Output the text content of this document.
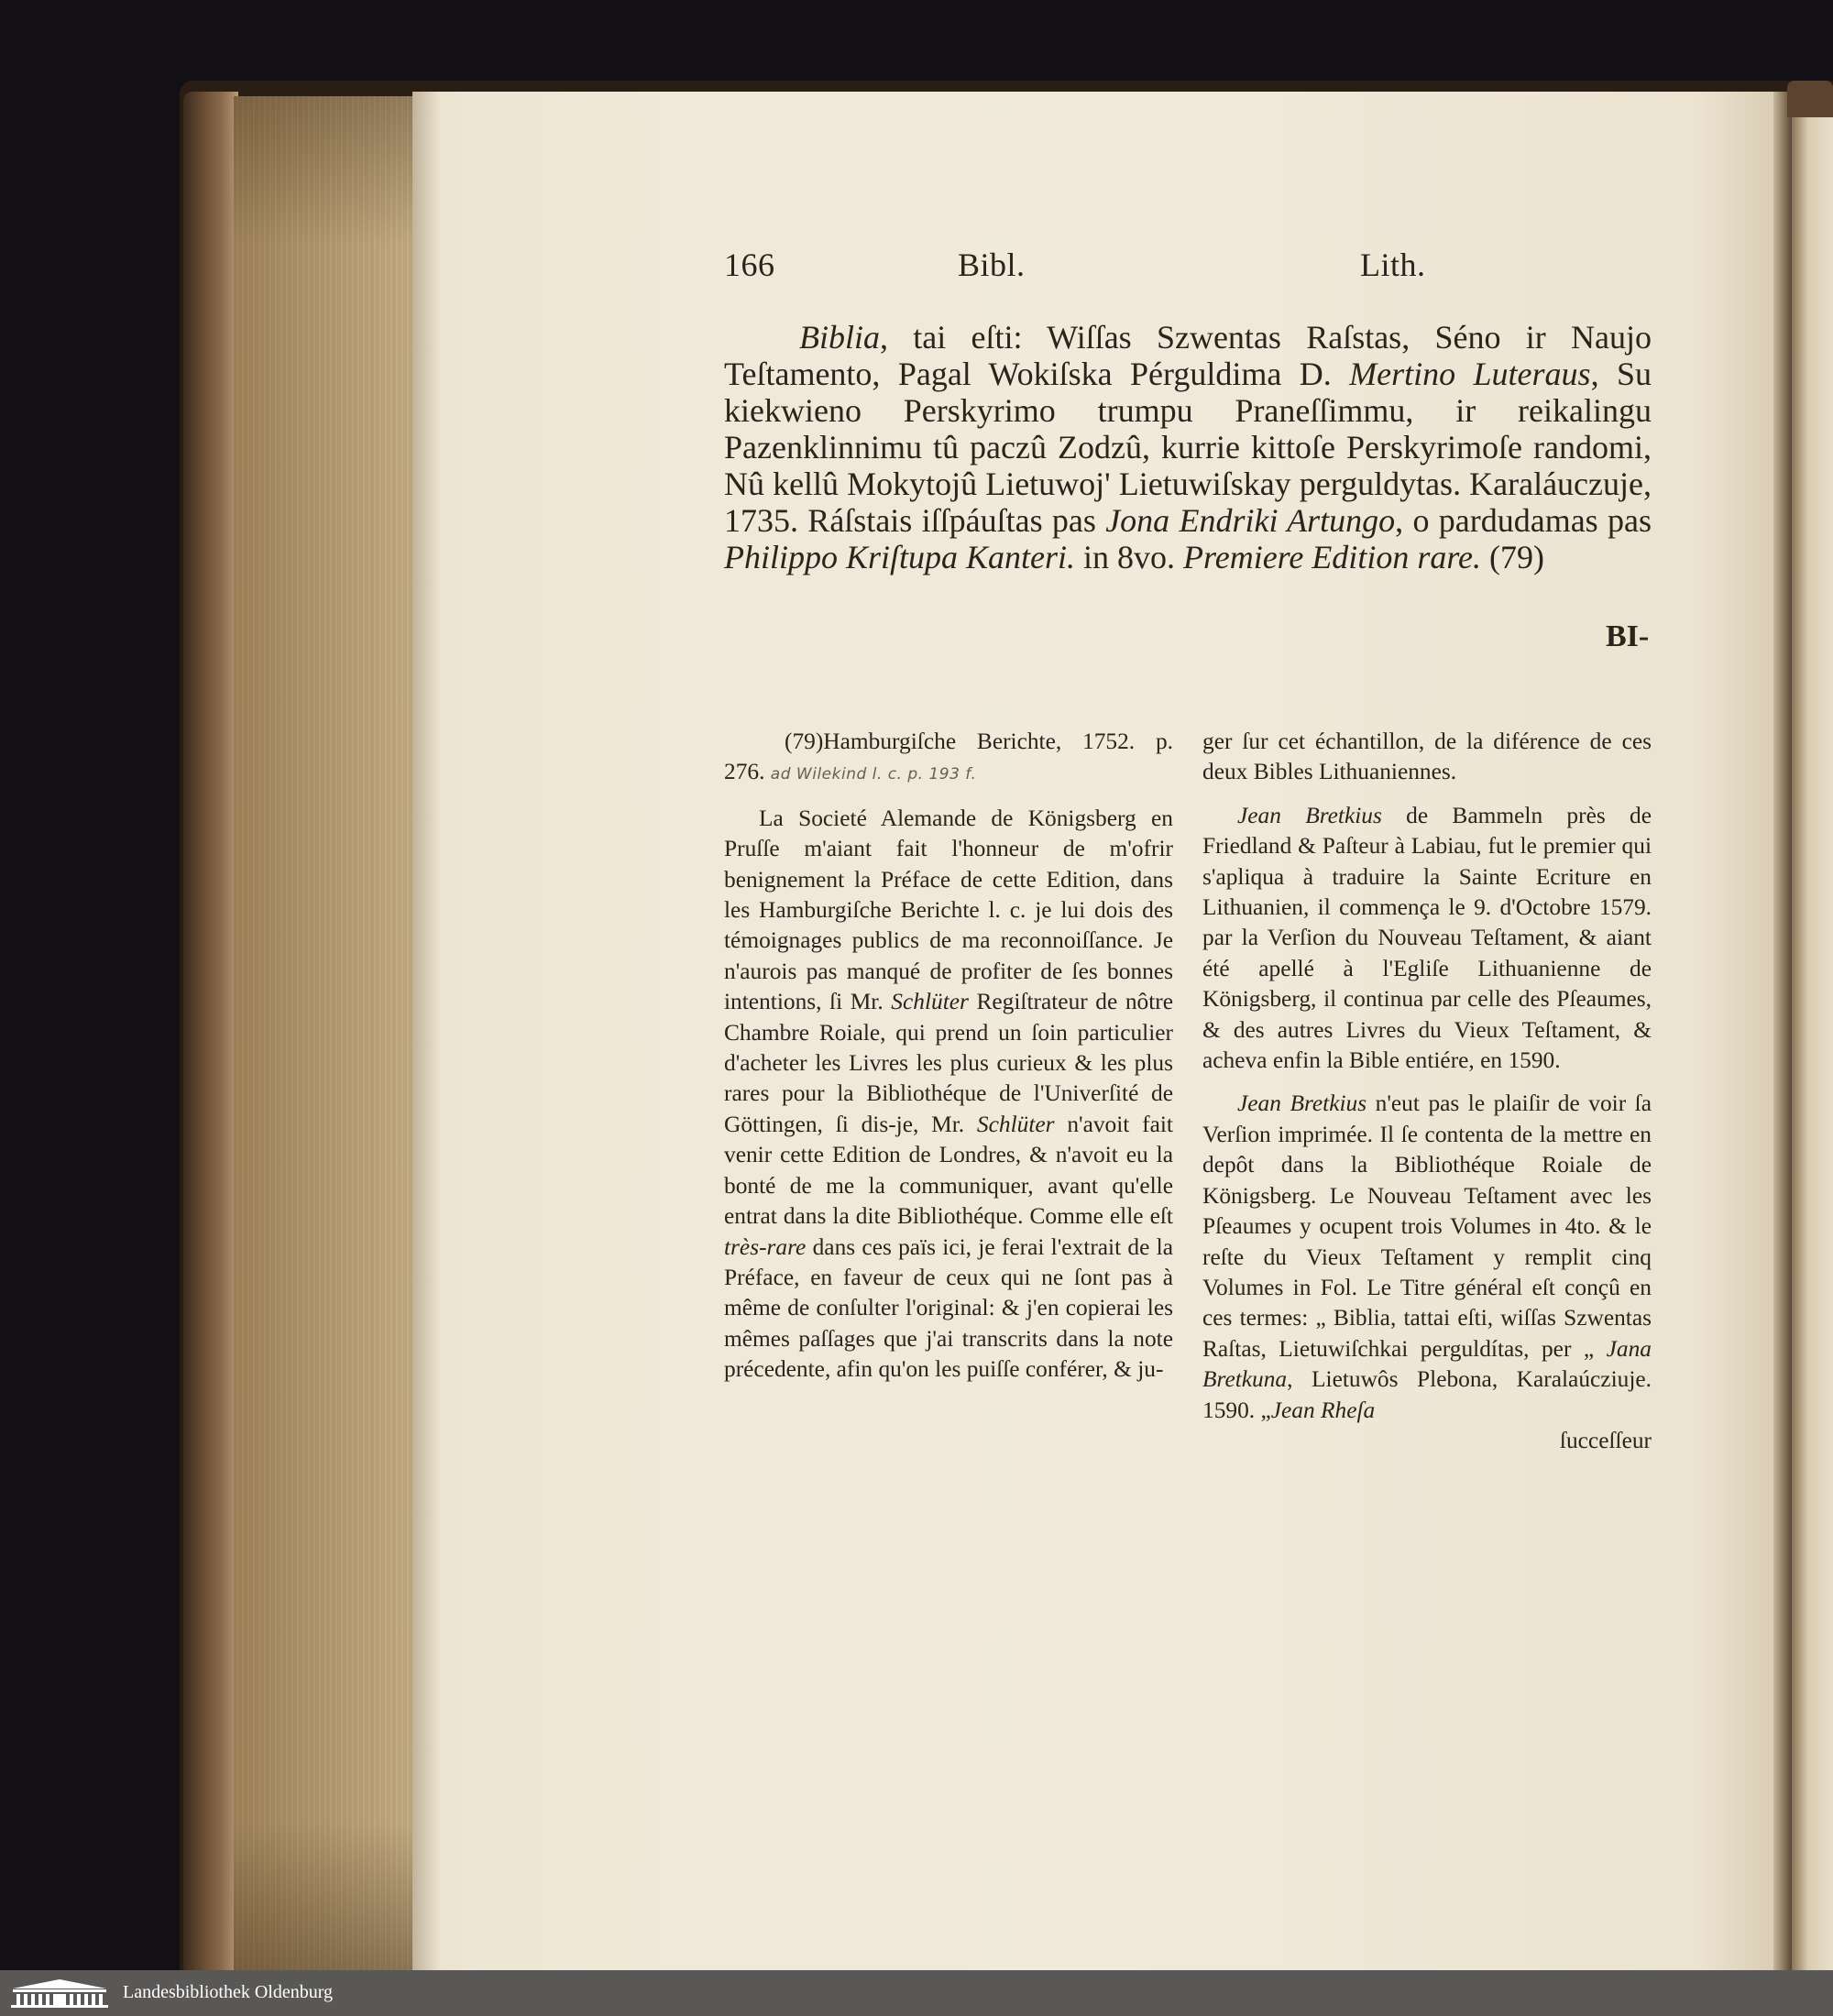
166	Bibl.	Lith.

Biblia, tai eſti: Wiſſas Szwentas Raſstas, Séno ir Naujo Teſtamento, Pagal Wokiſska Pérguldima D. Mertino Luteraus, Su kiekwieno Perskyrimo trumpu Praneſſimmu, ir reikalingu Pazenklinnimu tû paczû Zodzû, kurrie kittoſe Perskyrimoſe randomi, Nû kellû Mokytojû Lietuwoj' Lietuwiſskay perguldytas. Karaláuczuje, 1735. Ráſstais iſſpáuſtas pas Jona Endriki Artungo, o pardudamas pas Philippo Kriſtupa Kanteri. in 8vo. Premiere Edition rare. (79)

BI-

(79)Hamburgiſche Berichte, 1752. p. 276. ad Wilekind l. c. p. 193 f.

La Societé Alemande de Königsberg en Pruſſe m'aiant fait l'honneur de m'ofrir benignement la Préface de cette Edition, dans les Hamburgiſche Berichte l. c. je lui dois des témoignages publics de ma reconnoiſſance. Je n'aurois pas manqué de profiter de ſes bonnes intentions, ſi Mr. Schlüter Regiſtrateur de nôtre Chambre Roiale, qui prend un ſoin particulier d'acheter les Livres les plus curieux & les plus rares pour la Bibliothéque de l'Univerſité de Göttingen, ſi dis-je, Mr. Schlüter n'avoit fait venir cette Edition de Londres, & n'avoit eu la bonté de me la communiquer, avant qu'elle entrat dans la dite Bibliothéque. Comme elle eſt très-rare dans ces païs ici, je ferai l'extrait de la Préface, en faveur de ceux qui ne ſont pas à même de conſulter l'original: & j'en copierai les mêmes paſſages que j'ai transcrits dans la note précedente, afin qu'on les puiſſe conférer, & ju-

ger ſur cet échantillon, de la diférence de ces deux Bibles Lithuaniennes.

Jean Bretkius de Bammeln près de Friedland & Paſteur à Labiau, fut le premier qui s'apliqua à traduire la Sainte Ecriture en Lithuanien, il commença le 9. d'Octobre 1579. par la Verſion du Nouveau Teſtament, & aiant été apellé à l'Egliſe Lithuanienne de Königsberg, il continua par celle des Pſeaumes, & des autres Livres du Vieux Teſtament, & acheva enfin la Bible entiére, en 1590.

Jean Bretkius n'eut pas le plaiſir de voir ſa Verſion imprimée. Il ſe contenta de la mettre en depôt dans la Bibliothéque Roiale de Königsberg. Le Nouveau Teſtament avec les Pſeaumes y ocupent trois Volumes in 4to. & le reſte du Vieux Teſtament y remplit cinq Volumes in Fol. Le Titre général eſt conçû en ces termes: „ Biblia, tattai eſti, wiſſas Szwentas Raſtas, Lietuwiſchkai perguldítas, per „ Jana Bretkuna, Lietuwôs Plebona, Karalaúcziuje. 1590. „Jean Rheſa

ſucceſſeur

Landesbibliothek Oldenburg
